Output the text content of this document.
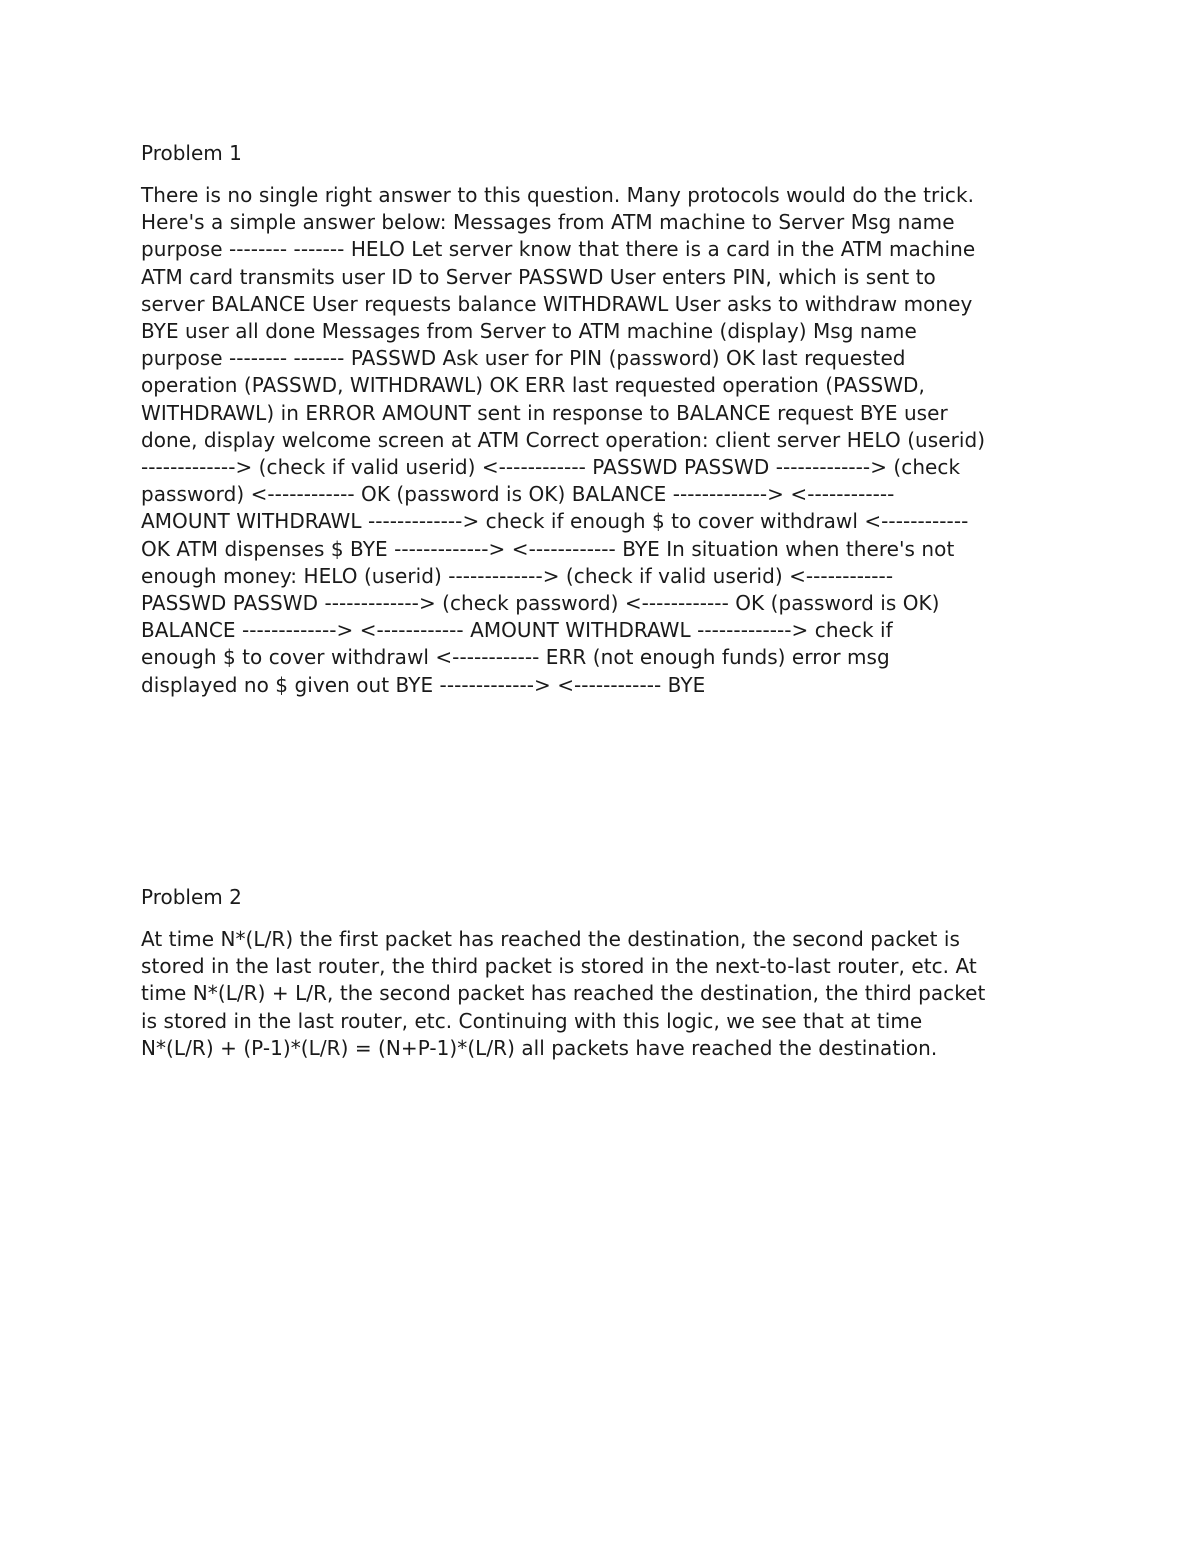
Problem 1
There is no single right answer to this question. Many protocols would do the trick.
Here's a simple answer below: Messages from ATM machine to Server Msg name
purpose -------- ------- HELO Let server know that there is a card in the ATM machine
ATM card transmits user ID to Server PASSWD User enters PIN, which is sent to
server BALANCE User requests balance WITHDRAWL User asks to withdraw money
BYE user all done Messages from Server to ATM machine (display) Msg name
purpose -------- ------- PASSWD Ask user for PIN (password) OK last requested
operation (PASSWD, WITHDRAWL) OK ERR last requested operation (PASSWD,
WITHDRAWL) in ERROR AMOUNT sent in response to BALANCE request BYE user
done, display welcome screen at ATM Correct operation: client server HELO (userid)
-------------> (check if valid userid) <------------ PASSWD PASSWD -------------> (check
password) <------------ OK (password is OK) BALANCE -------------> <------------
AMOUNT WITHDRAWL -------------> check if enough $ to cover withdrawl <------------
OK ATM dispenses $ BYE -------------> <------------ BYE In situation when there's not
enough money: HELO (userid) -------------> (check if valid userid) <------------
PASSWD PASSWD -------------> (check password) <------------ OK (password is OK)
BALANCE -------------> <------------ AMOUNT WITHDRAWL -------------> check if
enough $ to cover withdrawl <------------ ERR (not enough funds) error msg
displayed no $ given out BYE -------------> <------------ BYE
Problem 2
At time N*(L/R) the first packet has reached the destination, the second packet is
stored in the last router, the third packet is stored in the next-to-last router, etc. At
time N*(L/R) + L/R, the second packet has reached the destination, the third packet
is stored in the last router, etc. Continuing with this logic, we see that at time
N*(L/R) + (P-1)*(L/R) = (N+P-1)*(L/R) all packets have reached the destination.
